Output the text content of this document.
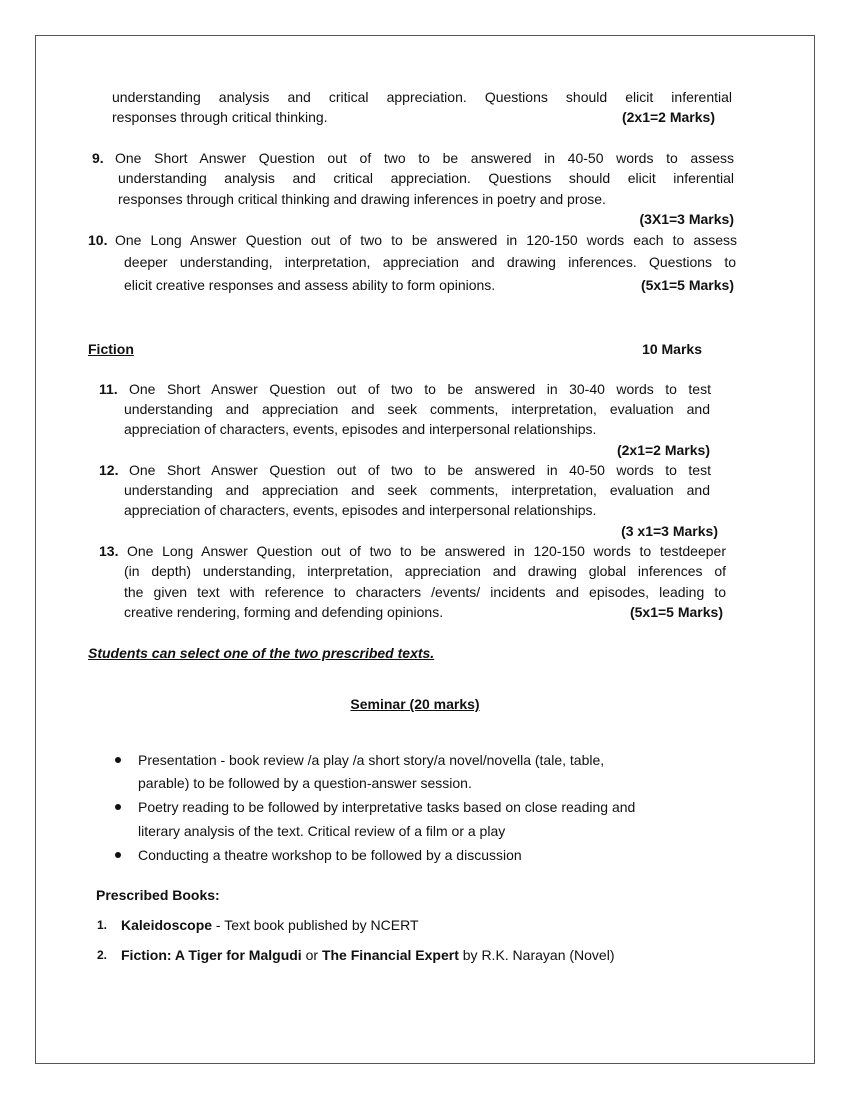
understanding analysis and critical appreciation. Questions should elicit inferential
responses through critical thinking.	(2x1=2 Marks)
9. One Short Answer Question out of two to be answered in 40-50 words to assess
understanding analysis and critical appreciation. Questions should elicit inferential
responses through critical thinking and drawing inferences in poetry and prose.
(3X1=3 Marks)
10. One Long Answer Question out of two to be answered in 120-150 words each to assess
deeper understanding, interpretation, appreciation and drawing inferences. Questions to
elicit creative responses and assess ability to form opinions.	(5x1=5 Marks)
Fiction	10 Marks
11. One Short Answer Question out of two to be answered in 30-40 words to test
understanding and appreciation and seek comments, interpretation, evaluation and
appreciation of characters, events, episodes and interpersonal relationships.
(2x1=2 Marks)
12. One Short Answer Question out of two to be answered in 40-50 words to test
understanding and appreciation and seek comments, interpretation, evaluation and
appreciation of characters, events, episodes and interpersonal relationships.
(3 x1=3 Marks)
13. One Long Answer Question out of two to be answered in 120-150 words to testdeeper
(in depth) understanding, interpretation, appreciation and drawing global inferences of
the given text with reference to characters /events/ incidents and episodes, leading to
creative rendering, forming and defending opinions.	(5x1=5 Marks)
Students can select one of the two prescribed texts.
Seminar (20 marks)
Presentation - book review /a play /a short story/a novel/novella (tale, table,
parable) to be followed by a question-answer session.
Poetry reading to be followed by interpretative tasks based on close reading and
literary analysis of the text. Critical review of a film or a play
Conducting a theatre workshop to be followed by a discussion
Prescribed Books:
1. Kaleidoscope - Text book published by NCERT
2. Fiction: A Tiger for Malgudi or The Financial Expert by R.K. Narayan (Novel)
